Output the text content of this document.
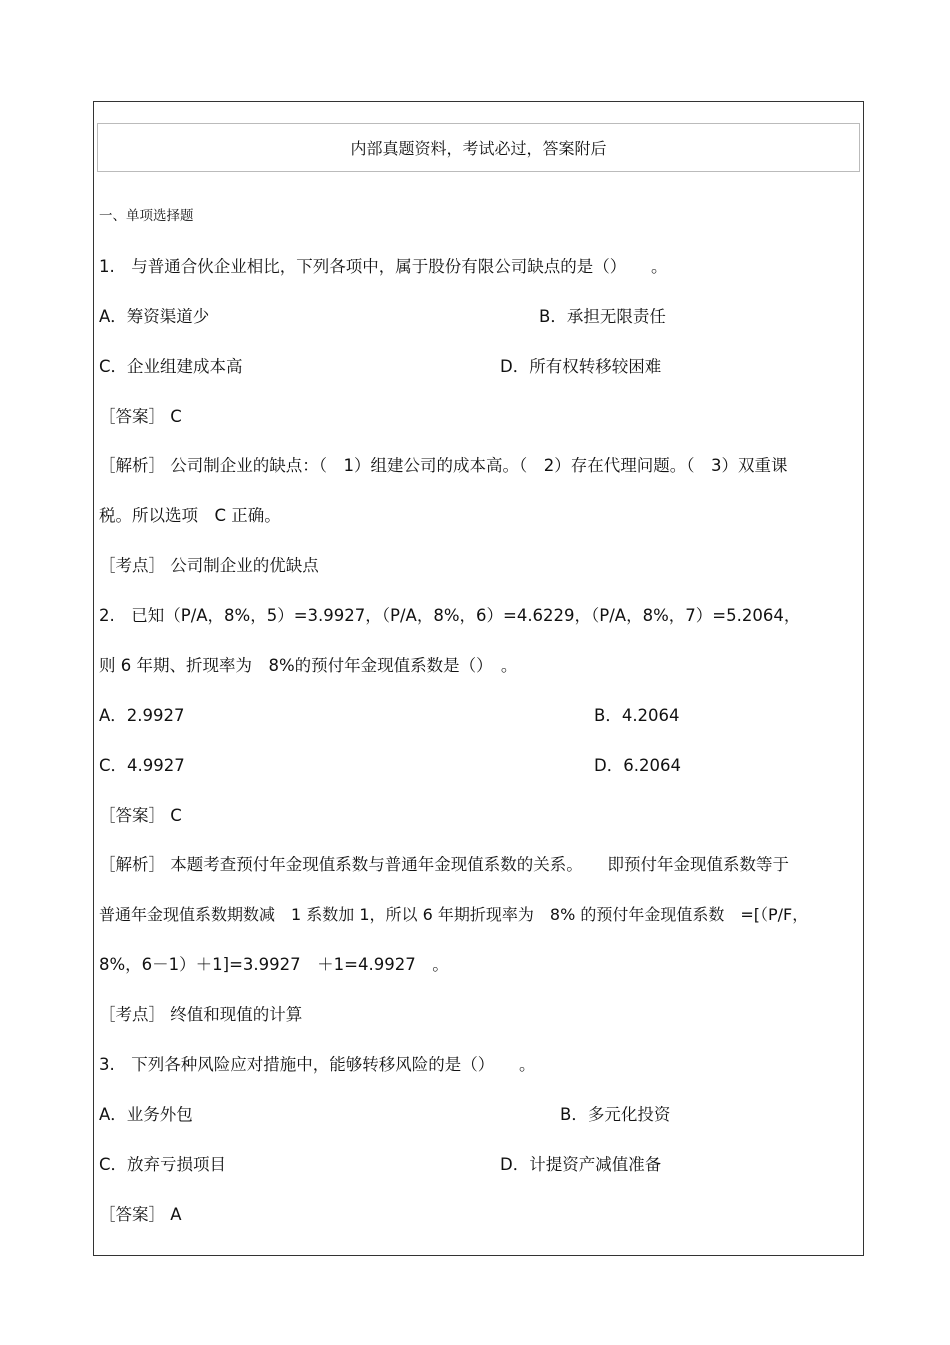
内部真题资料，考试必过，答案附后
一、单项选择题
1.　与普通合伙企业相比，下列各项中，属于股份有限公司缺点的是（）　　。
A．筹资渠道少	B．承担无限责任
C．企业组建成本高	D．所有权转移较困难
［答案］ C
［解析］ 公司制企业的缺点：（　1）组建公司的成本高。（　2）存在代理问题。（　3）双重课
税。所以选项　C 正确。
［考点］ 公司制企业的优缺点
2.　已知（P/A，8%，5）=3.9927，（P/A，8%，6）=4.6229，（P/A，8%，7）=5.2064，
则 6 年期、折现率为　8%的预付年金现值系数是（）　。
A．2.9927	B．4.2064
C．4.9927	D．6.2064
［答案］ C
［解析］ 本题考查预付年金现值系数与普通年金现值系数的关系。　　即预付年金现值系数等于
普通年金现值系数期数减　1 系数加 1，所以 6 年期折现率为　8% 的预付年金现值系数　=[（P/F，
8%，6－1）＋1]=3.9927　＋1=4.9927　。
［考点］ 终值和现值的计算
3.　下列各种风险应对措施中，能够转移风险的是（）　　。
A．业务外包	B．多元化投资
C．放弃亏损项目	D．计提资产减值准备
［答案］ A
